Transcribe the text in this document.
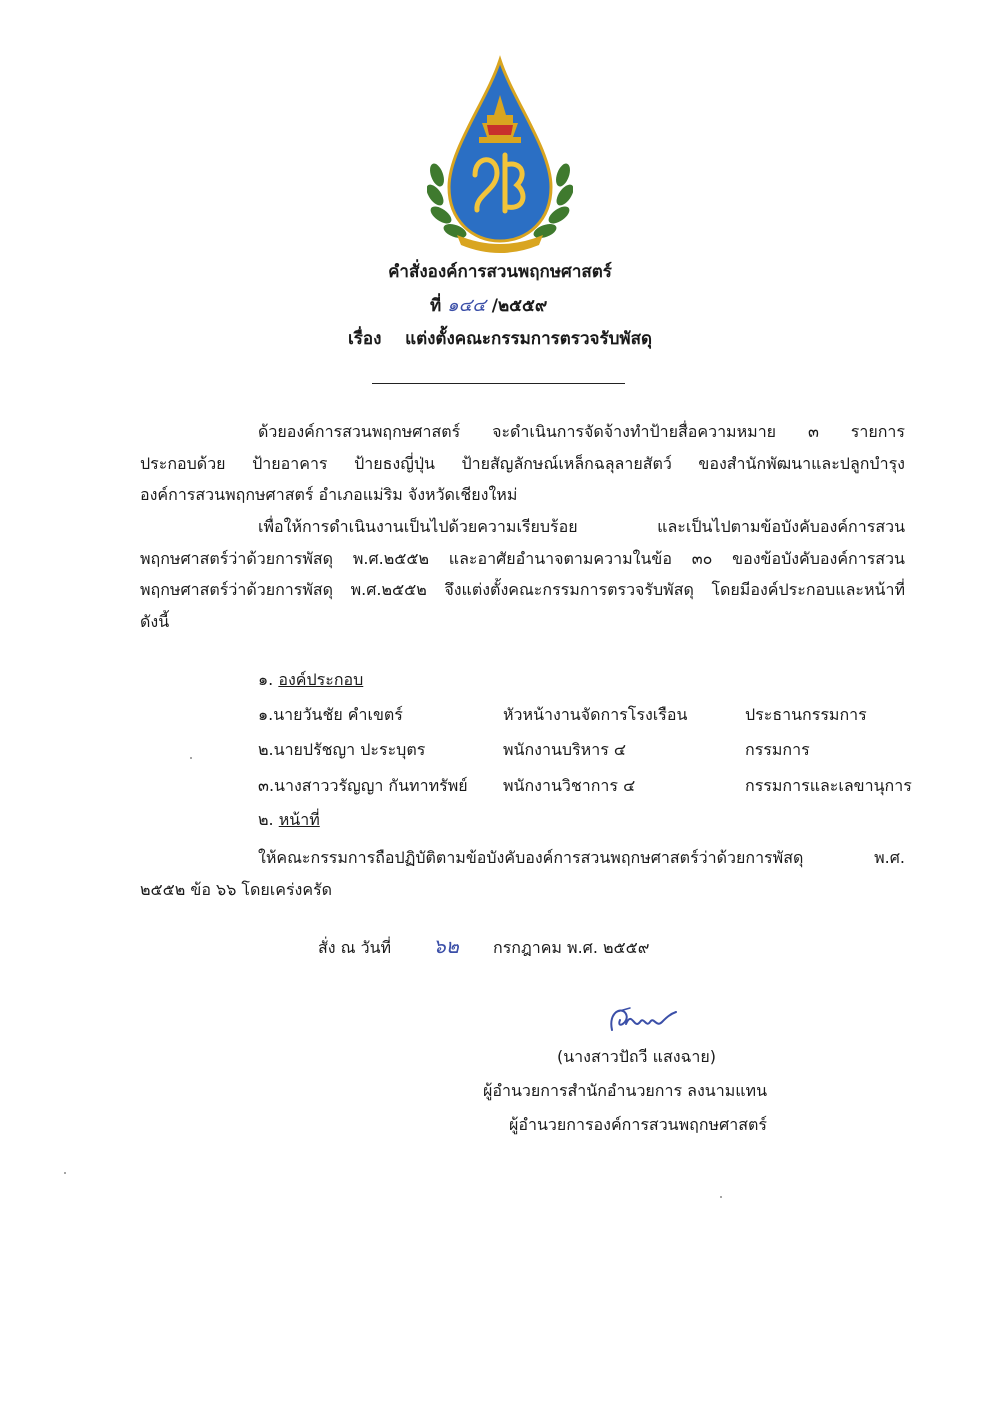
คำสั่งองค์การสวนพฤกษศาสตร์
ที่ ๑๔๔ /๒๕๕๙
เรื่อง แต่งตั้งคณะกรรมการตรวจรับพัสดุ
ด้วยองค์การสวนพฤกษศาสตร์ จะดำเนินการจัดจ้างทำป้ายสื่อความหมาย ๓ รายการ
ประกอบด้วย ป้ายอาคาร ป้ายธงญี่ปุ่น ป้ายสัญลักษณ์เหล็กฉลุลายสัตว์ ของสำนักพัฒนาและปลูกบำรุง
องค์การสวนพฤกษศาสตร์ อำเภอแม่ริม จังหวัดเชียงใหม่
เพื่อให้การดำเนินงานเป็นไปด้วยความเรียบร้อย และเป็นไปตามข้อบังคับองค์การสวน
พฤกษศาสตร์ว่าด้วยการพัสดุ พ.ศ.๒๕๕๒ และอาศัยอำนาจตามความในข้อ ๓๐ ของข้อบังคับองค์การสวน
พฤกษศาสตร์ว่าด้วยการพัสดุ พ.ศ.๒๕๕๒ จึงแต่งตั้งคณะกรรมการตรวจรับพัสดุ โดยมีองค์ประกอบและหน้าที่
ดังนี้
๑. องค์ประกอบ
๑.นายวันชัย คำเขตร์	หัวหน้างานจัดการโรงเรือน	ประธานกรรมการ
๒.นายปรัชญา ปะระบุตร	พนักงานบริหาร ๔	กรรมการ
๓.นางสาววรัญญา กันทาทรัพย์ พนักงานวิชาการ ๔	กรรมการและเลขานุการ
๒. หน้าที่
ให้คณะกรรมการถือปฏิบัติตามข้อบังคับองค์การสวนพฤกษศาสตร์ว่าด้วยการพัสดุ พ.ศ.
๒๕๕๒ ข้อ ๖๖ โดยเคร่งครัด
สั่ง ณ วันที่ ๖๒ กรกฎาคม พ.ศ. ๒๕๕๙
(นางสาวปัถวี แสงฉาย)
ผู้อำนวยการสำนักอำนวยการ ลงนามแทน
ผู้อำนวยการองค์การสวนพฤกษศาสตร์
